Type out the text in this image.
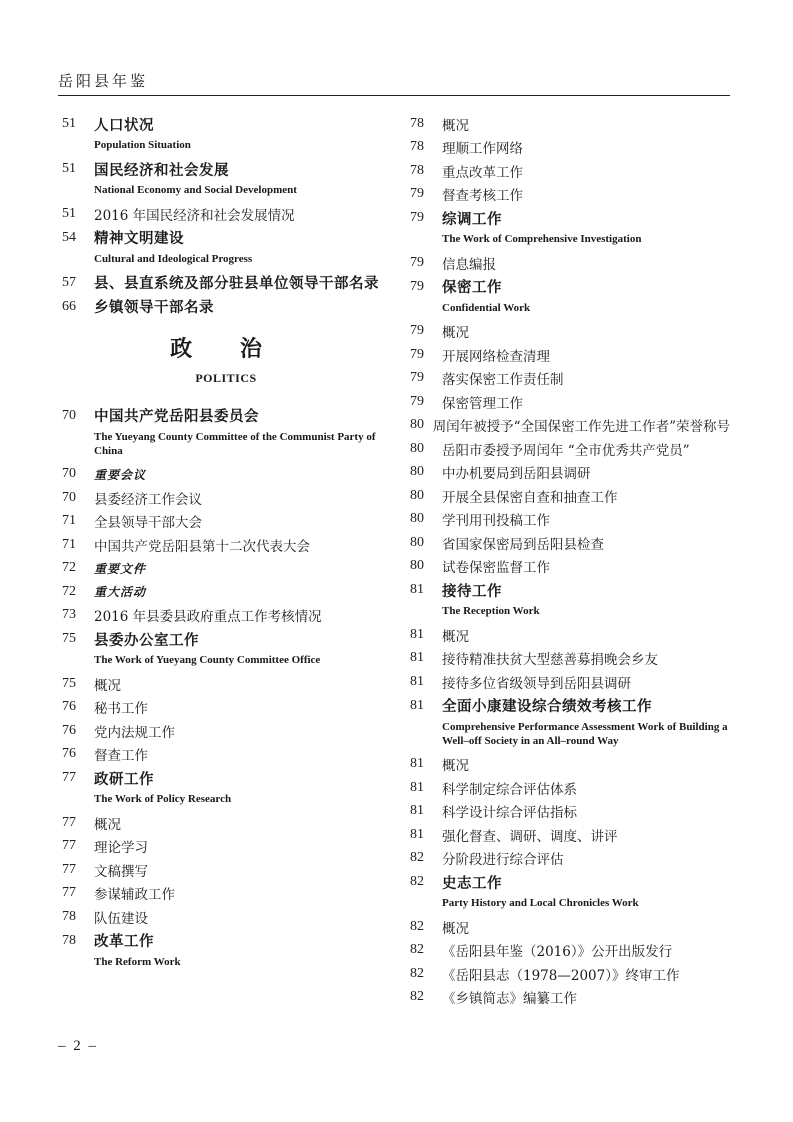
岳阳县年鉴
51	人口状况
Population Situation
51	国民经济和社会发展
National Economy and Social Development
51	2016 年国民经济和社会发展情况
54	精神文明建设
Cultural and Ideological Progress
57	县、县直系统及部分驻县单位领导干部名录
66	乡镇领导干部名录
政 治
POLITICS
70	中国共产党岳阳县委员会
The Yueyang County Committee of the Communist Party of China
70	重要会议
70	县委经济工作会议
71	全县领导干部大会
71	中国共产党岳阳县第十二次代表大会
72	重要文件
72	重大活动
73	2016 年县委县政府重点工作考核情况
75	县委办公室工作
The Work of Yueyang County Committee Office
75	概况
76	秘书工作
76	党内法规工作
76	督查工作
77	政研工作
The Work of Policy Research
77	概况
77	理论学习
77	文稿撰写
77	参谋辅政工作
78	队伍建设
78	改革工作
The Reform Work
78	概况
78	理顺工作网络
78	重点改革工作
79	督查考核工作
79	综调工作
The Work of Comprehensive Investigation
79	信息编报
79	保密工作
Confidential Work
79	概况
79	开展网络检查清理
79	落实保密工作责任制
79	保密管理工作
80 周闰年被授予“全国保密工作先进工作者”荣誉称号
80	岳阳市委授予周闰年 “全市优秀共产党员”
80	中办机要局到岳阳县调研
80	开展全县保密自查和抽查工作
80	学刊用刊投稿工作
80	省国家保密局到岳阳县检查
80	试卷保密监督工作
81	接待工作
The Reception Work
81	概况
81	接待精准扶贫大型慈善募捐晚会乡友
81	接待多位省级领导到岳阳县调研
81	全面小康建设综合绩效考核工作
Comprehensive Performance Assessment Work of Building a Well–off Society in an All–round Way
81	概况
81	科学制定综合评估体系
81	科学设计综合评估指标
81	强化督查、调研、调度、讲评
82	分阶段进行综合评估
82	史志工作
Party History and Local Chronicles Work
82	概况
82	《岳阳县年鉴（2016）》公开出版发行
82	《岳阳县志（1978—2007）》终审工作
82	《乡镇简志》编纂工作
– 2 –
